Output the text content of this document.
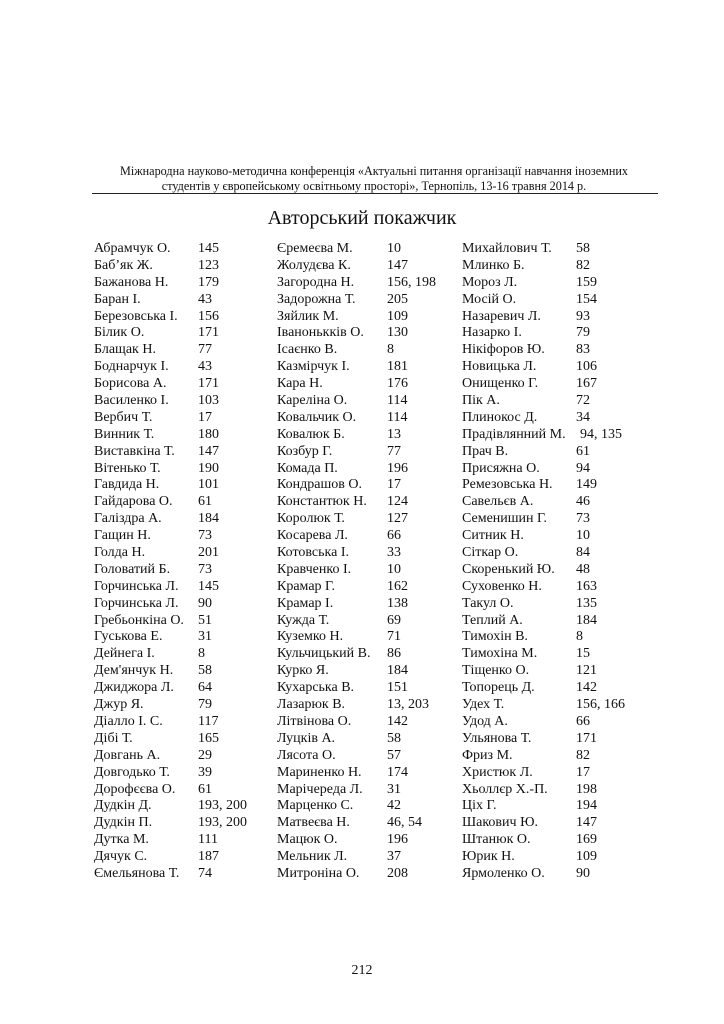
Міжнародна науково-методична конференція «Актуальні питання організації навчання іноземних
студентів у європейському освітньому просторі», Тернопіль, 13-16 травня 2014 р.
Авторський покажчик
Абрамчук О.	145
Баб’як Ж.	123
Бажанова Н.	179
Баран І.	43
Березовська І.	156
Білик О.	171
Блащак Н.	77
Боднарчук І.	43
Борисова А.	171
Василенко І.	103
Вербич Т.	17
Винник Т.	180
Виставкіна Т.	147
Вітенько Т.	190
Гавдида Н.	101
Гайдарова О.	61
Галіздра А.	184
Гащин Н.	73
Голда Н.	201
Головатий Б.	73
Горчинська Л.	145
Горчинська Л.	90
Гребьонкіна О.	51
Гуськова Е.	31
Дейнега І.	8
Дем'янчук Н.	58
Джиджора Л.	64
Джур Я.	79
Діалло І. С.	117
Дібі Т.	165
Довгань А.	29
Довгодько Т.	39
Дорофєєва О.	61
Дудкін Д.	193, 200
Дудкін П.	193, 200
Дутка М.	111
Дячук С.	187
Ємельянова Т.	74
Єремеєва М.	10
Жолудєва К.	147
Загородна Н.	156, 198
Задорожна Т.	205
Зяйлик М.	109
Іванонькків О.	130
Ісаєнко В.	8
Казмірчук І.	181
Кара Н.	176
Кареліна О.	114
Ковальчик О.	114
Ковалюк Б.	13
Козбур Г.	77
Комада П.	196
Кондрашов О.	17
Константюк Н.	124
Королюк Т.	127
Косарева Л.	66
Котовська І.	33
Кравченко І.	10
Крамар Г.	162
Крамар І.	138
Кужда Т.	69
Куземко Н.	71
Кульчицький В.	86
Курко Я.	184
Кухарська В.	151
Лазарюк В.	13, 203
Літвінова О.	142
Луцків А.	58
Лясота О.	57
Мариненко Н.	174
Марічереда Л.	31
Марценко С.	42
Матвеєва Н.	46, 54
Мацюк О.	196
Мельник Л.	37
Митроніна О.	208
Михайлович Т.	58
Млинко Б.	82
Мороз Л.	159
Мосій О.	154
Назаревич Л.	93
Назарко І.	79
Нікіфоров Ю.	83
Новицька Л.	106
Онищенко Г.	167
Пік А.	72
Плинокос Д.	34
Прадівлянний М.	94, 135
Прач В.	61
Присяжна О.	94
Ремезовська Н.	149
Савельєв А.	46
Семенишин Г.	73
Ситник Н.	10
Сіткар О.	84
Скоренький Ю.	48
Суховенко Н.	163
Такул О.	135
Теплий А.	184
Тимохін В.	8
Тимохіна М.	15
Тіщенко О.	121
Топорець Д.	142
Удех Т.	156, 166
Удод А.	66
Ульянова Т.	171
Фриз М.	82
Христюк Л.	17
Хьоллєр Х.-П.	198
Ціх Г.	194
Шакович Ю.	147
Штанюк О.	169
Юрик Н.	109
Ярмоленко О.	90
212
